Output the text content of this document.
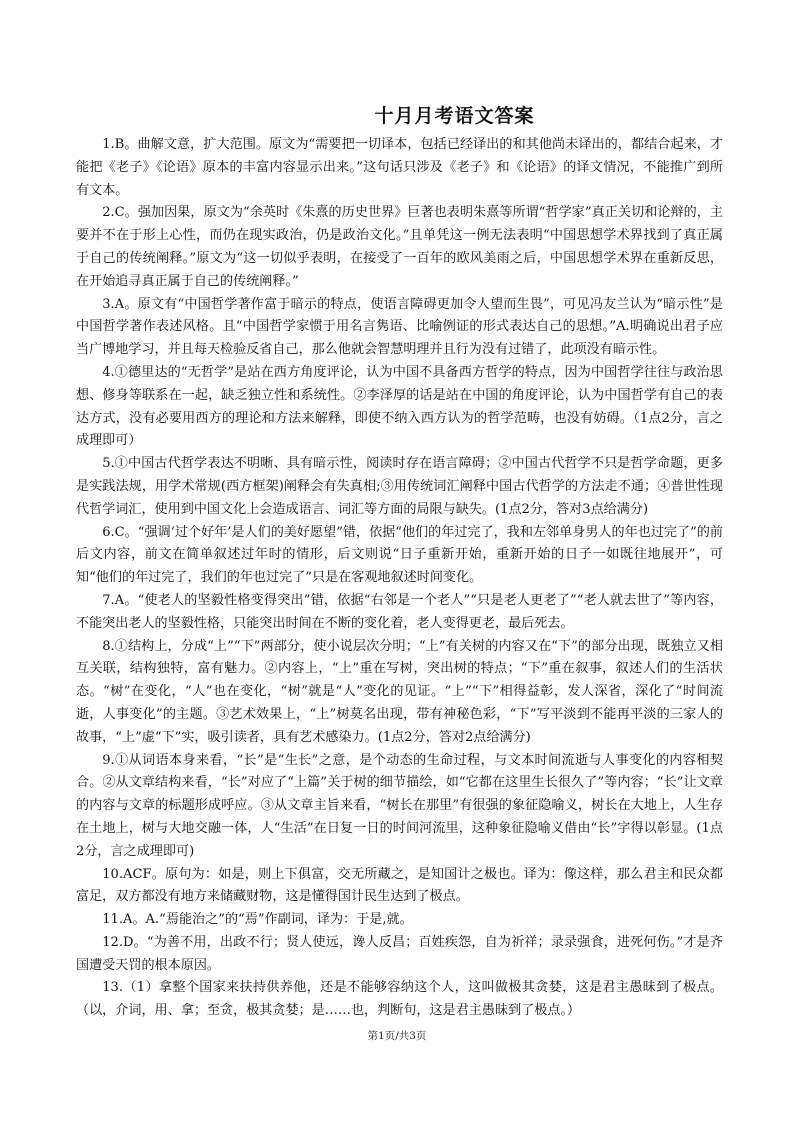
十月月考语文答案

1.B。曲解文意，扩大范围。原文为“需要把一切译本，包括已经译出的和其他尚未译出的，都结合起来，才能把《老子》《论语》原本的丰富内容显示出来。”这句话只涉及《老子》和《论语》的译文情况，不能推广到所有文本。

2.C。强加因果，原文为“余英时《朱熹的历史世界》巨著也表明朱熹等所谓“哲学家”真正关切和论辩的，主要并不在于形上心性，而仍在现实政治，仍是政治文化。”且单凭这一例无法表明“中国思想学术界找到了真正属于自己的传统阐释。”原文为“这一切似乎表明，在接受了一百年的欧风美雨之后，中国思想学术界在重新反思，在开始追寻真正属于自己的传统阐释。”

3.A。原文有“中国哲学著作富于暗示的特点，使语言障碍更加令人望而生畏”，可见冯友兰认为“暗示性”是中国哲学著作表述风格。且“中国哲学家惯于用名言隽语、比喻例证的形式表达自己的思想。”A.明确说出君子应当广博地学习，并且每天检验反省自己，那么他就会智慧明理并且行为没有过错了，此项没有暗示性。

4.①德里达的“无哲学”是站在西方角度评论，认为中国不具备西方哲学的特点，因为中国哲学往往与政治思想、修身等联系在一起，缺乏独立性和系统性。②李泽厚的话是站在中国的角度评论，认为中国哲学有自己的表达方式，没有必要用西方的理论和方法来解释，即使不纳入西方认为的哲学范畴，也没有妨碍。（1点2分，言之成理即可）

5.①中国古代哲学表达不明晰、具有暗示性，阅读时存在语言障碍；②中国古代哲学不只是哲学命题，更多是实践法规，用学术常规(西方框架)阐释会有失真相;③用传统词汇阐释中国古代哲学的方法走不通；④普世性现代哲学词汇，使用到中国文化上会造成语言、词汇等方面的局限与缺失。(1点2分，答对3点给满分)

6.C。“强调‘过个好年’是人们的美好愿望”错，依据“他们的年过完了，我和左邻单身男人的年也过完了”的前后文内容，前文在简单叙述过年时的情形，后文则说“日子重新开始，重新开始的日子一如既往地展开”，可知“他们的年过完了，我们的年也过完了”只是在客观地叙述时间变化。

7.A。“使老人的坚毅性格变得突出”错，依据“右邻是一个老人”“只是老人更老了”“老人就去世了”等内容，不能突出老人的坚毅性格，只能突出时间在不断的变化着，老人变得更老，最后死去。

8.①结构上，分成“上”“下”两部分，使小说层次分明；“上”有关树的内容又在“下”的部分出现，既独立又相互关联，结构独特，富有魅力。②内容上，“上”重在写树，突出树的特点；“下”重在叙事，叙述人们的生活状态。“树”在变化，“人”也在变化，“树”就是“人”变化的见证。“上”“下”相得益彰，发人深省，深化了“时间流逝，人事变化”的主题。③艺术效果上，“上”树莫名出现，带有神秘色彩，“下”写平淡到不能再平淡的三家人的故事，“上”虚“下”实，吸引读者，具有艺术感染力。(1点2分，答对2点给满分)

9.①从词语本身来看，“长”是“生长”之意，是个动态的生命过程，与文本时间流逝与人事变化的内容相契合。②从文章结构来看，“长”对应了“上篇”关于树的细节描绘，如“它都在这里生长很久了”等内容；“长”让文章的内容与文章的标题形成呼应。③从文章主旨来看，“树长在那里”有很强的象征隐喻义，树长在大地上，人生存在土地上，树与大地交融一体，人“生活”在日复一日的时间河流里，这种象征隐喻义借由“长”字得以彰显。(1点2分，言之成理即可)

10.ACF。原句为：如是，则上下俱富，交无所藏之，是知国计之极也。译为：像这样，那么君主和民众都富足，双方都没有地方来储藏财物，这是懂得国计民生达到了极点。

11.A。A.“焉能治之”的“焉”作副词，译为：于是,就。

12.D。“为善不用，出政不行；贤人使远，谗人反昌；百姓疾怨，自为祈祥；录录强食，进死何伤。”才是齐国遭受天罚的根本原因。

13.（1）拿整个国家来扶持供养他，还是不能够容纳这个人，这叫做极其贪婪，这是君主愚昧到了极点。（以，介词，用、拿；至贪，极其贪婪；是……也，判断句，这是君主愚昧到了极点。）

第1页/共3页
